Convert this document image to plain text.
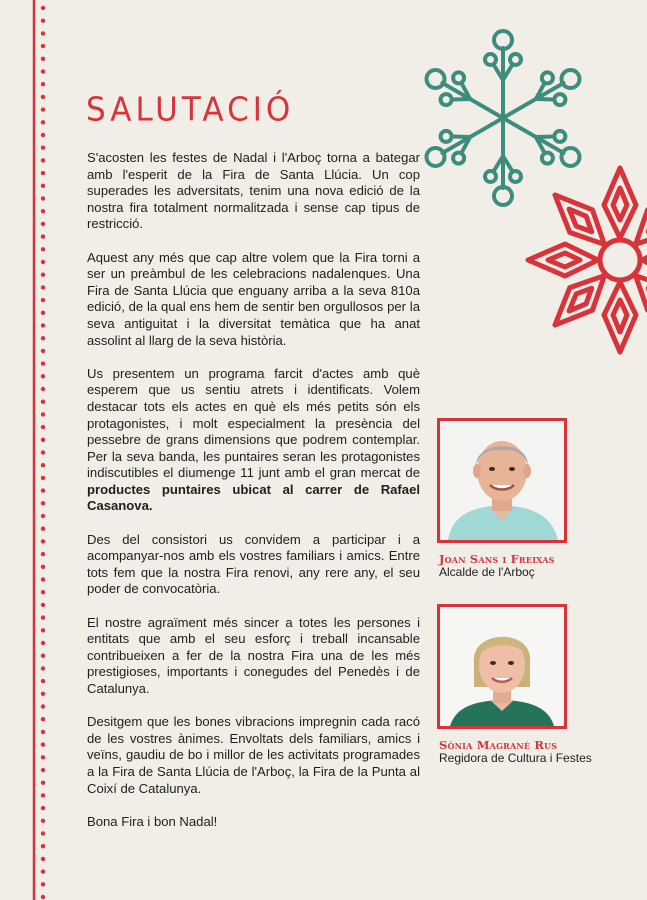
SALUTACIÓ

S'acosten les festes de Nadal i l'Arboç torna a bategar amb l'esperit de la Fira de Santa Llúcia. Un cop superades les adversitats, tenim una nova edició de la nostra fira totalment normalitzada i sense cap tipus de restricció.

Aquest any més que cap altre volem que la Fira torni a ser un preàmbul de les celebracions nadalenques. Una Fira de Santa Llúcia que enguany arriba a la seva 810a edició, de la qual ens hem de sentir ben orgullosos per la seva antiguitat i la diversitat temàtica que ha anat assolint al llarg de la seva història.

Us presentem un programa farcit d'actes amb què esperem que us sentiu atrets i identificats. Volem destacar tots els actes en què els més petits són els protagonistes, i molt especialment la presència del pessebre de grans dimensions que podrem contemplar. Per la seva banda, les puntaires seran les protagonistes indiscutibles el diumenge 11 junt amb el gran mercat de productes puntaires ubicat al carrer de Rafael Casanova.

Des del consistori us convidem a participar i a acompanyar-nos amb els vostres familiars i amics. Entre tots fem que la nostra Fira renovi, any rere any, el seu poder de convocatòria.

El nostre agraïment més sincer a totes les persones i entitats que amb el seu esforç i treball incansable contribueixen a fer de la nostra Fira una de les més prestigioses, importants i conegudes del Penedès i de Catalunya.

Desitgem que les bones vibracions impregnin cada racó de les vostres ànimes. Envoltats dels familiars, amics i veïns, gaudiu de bo i millor de les activitats programades a la Fira de Santa Llúcia de l'Arboç, la Fira de la Punta al Coixí de Catalunya.

Bona Fira i bon Nadal!

Joan Sans i Freixas
Alcalde de l'Arboç
Sònia Magrané Rus
Regidora de Cultura i Festes
